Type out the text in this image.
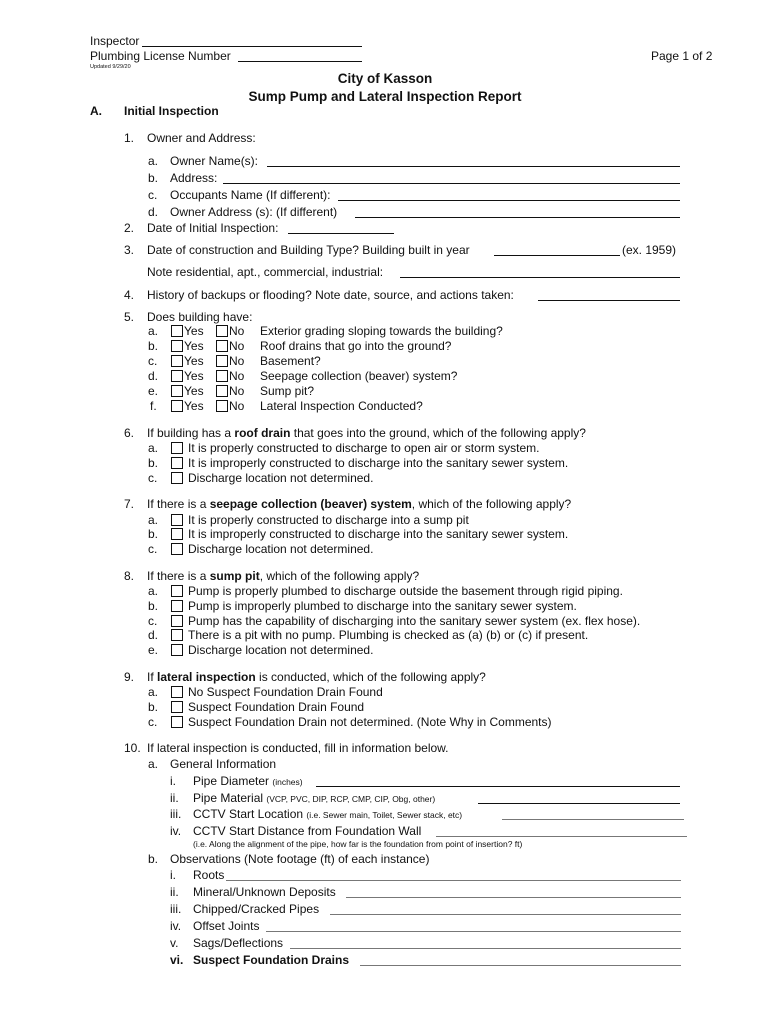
Inspector
Plumbing License Number
Updated 9/29/20
Page 1 of 2
City of Kasson
Sump Pump and Lateral Inspection Report
A. Initial Inspection
1. Owner and Address:
a. Owner Name(s):
b. Address:
c. Occupants Name (If different):
d. Owner Address (s): (If different)
2. Date of Initial Inspection:
3. Date of construction and Building Type? Building built in year	(ex. 1959)
Note residential, apt., commercial, industrial:
4. History of backups or flooding? Note date, source, and actions taken:
5. Does building have:
a. Yes No Exterior grading sloping towards the building?
b. Yes No Roof drains that go into the ground?
c. Yes No Basement?
d. Yes No Seepage collection (beaver) system?
e. Yes No Sump pit?
f. Yes No Lateral Inspection Conducted?
6. If building has a roof drain that goes into the ground, which of the following apply?
a. It is properly constructed to discharge to open air or storm system.
b. It is improperly constructed to discharge into the sanitary sewer system.
c.	Discharge location not determined.
7. If there is a seepage collection (beaver) system, which of the following apply?
a. It is properly constructed to discharge into a sump pit
b. It is improperly constructed to discharge into the sanitary sewer system.
c.	Discharge location not determined.
8. If there is a sump pit, which of the following apply?
a. Pump is properly plumbed to discharge outside the basement through rigid piping.
b. Pump is improperly plumbed to discharge into the sanitary sewer system.
c.	Pump has the capability of discharging into the sanitary sewer system (ex. flex hose).
d. There is a pit with no pump. Plumbing is checked as (a) (b) or (c) if present.
e. Discharge location not determined.
9. If lateral inspection is conducted, which of the following apply?
a. No Suspect Foundation Drain Found
b. Suspect Foundation Drain Found
c.	Suspect Foundation Drain not determined. (Note Why in Comments)
10. If lateral inspection is conducted, fill in information below.
a. General Information
i. Pipe Diameter (inches)
ii. Pipe Material (VCP, PVC, DIP, RCP, CMP, CIP, Obg, other)
iii. CCTV Start Location (i.e. Sewer main, Toilet, Sewer stack, etc)
iv. CCTV Start Distance from Foundation Wall
(i.e. Along the alignment of the pipe, how far is the foundation from point of insertion? ft)
b. Observations (Note footage (ft) of each instance)
i. Roots
ii. Mineral/Unknown Deposits
iii. Chipped/Cracked Pipes
iv. Offset Joints
v. Sags/Deflections
vi. Suspect Foundation Drains
